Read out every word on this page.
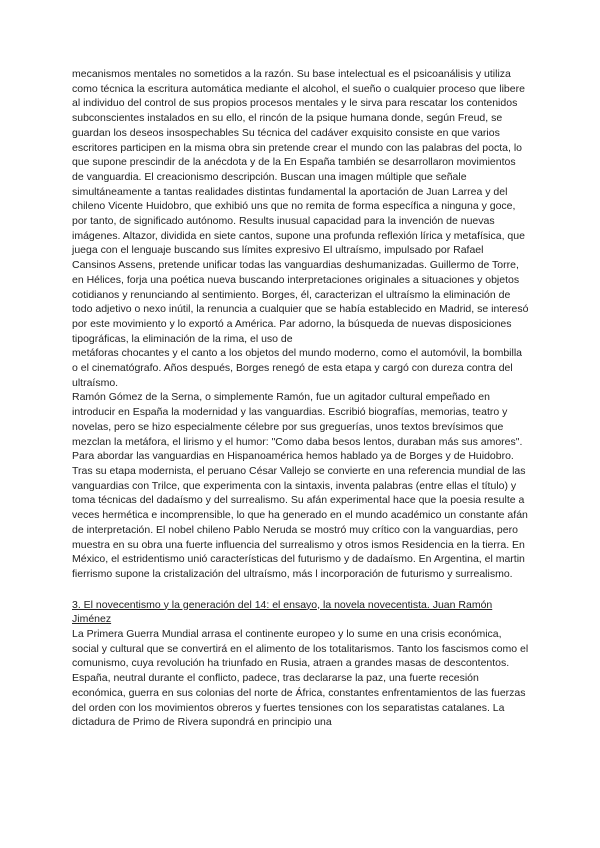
mecanismos mentales no sometidos a la razón. Su base intelectual es el psicoanálisis y utiliza como técnica la escritura automática mediante el alcohol, el sueño o cualquier proceso que libere al individuo del control de sus propios procesos mentales y le sirva para rescatar los contenidos subconscientes instalados en su ello, el rincón de la psique humana donde, según Freud, se guardan los deseos insospechables Su técnica del cadáver exquisito consiste en que varios escritores participen en la misma obra sin pretende crear el mundo con las palabras del pocta, lo que supone prescindir de la anécdota y de la En España también se desarrollaron movimientos de vanguardia. El creacionismo descripción. Buscan una imagen múltiple que señale simultáneamente a tantas realidades distintas fundamental la aportación de Juan Larrea y del chileno Vicente Huidobro, que exhibió uns que no remita de forma específica a ninguna y goce, por tanto, de significado autónomo. Results inusual capacidad para la invención de nuevas imágenes. Altazor, dividida en siete cantos, supone una profunda reflexión lírica y metafísica, que juega con el lenguaje buscando sus límites expresivo El ultraísmo, impulsado por Rafael Cansinos Assens, pretende unificar todas las vanguardias deshumanizadas. Guillermo de Torre, en Hélices, forja una poética nueva buscando interpretaciones originales a situaciones y objetos cotidianos y renunciando al sentimiento. Borges, él, caracterizan el ultraísmo la eliminación de todo adjetivo o nexo inútil, la renuncia a cualquier que se había establecido en Madrid, se interesó por este movimiento y lo exportó a América. Par adorno, la búsqueda de nuevas disposiciones tipográficas, la eliminación de la rima, el uso de

metáforas chocantes y el canto a los objetos del mundo moderno, como el automóvil, la bombilla o el cinematógrafo. Años después, Borges renegó de esta etapa y cargó con dureza contra del ultraísmo.

Ramón Gómez de la Serna, o simplemente Ramón, fue un agitador cultural empeñado en introducir en España la modernidad y las vanguardias. Escribió biografías, memorias, teatro y novelas, pero se hizo especialmente célebre por sus greguerías, unos textos brevísimos que mezclan la metáfora, el lirismo y el humor: "Como daba besos lentos, duraban más sus amores".

Para abordar las vanguardias en Hispanoamérica hemos hablado ya de Borges y de Huidobro. Tras su etapa modernista, el peruano César Vallejo se convierte en una referencia mundial de las vanguardias con Trilce, que experimenta con la sintaxis, inventa palabras (entre ellas el título) y toma técnicas del dadaísmo y del surrealismo. Su afán experimental hace que la poesia resulte a veces hermética e incomprensible, lo que ha generado en el mundo académico un constante afán de interpretación. El nobel chileno Pablo Neruda se mostró muy crítico con la vanguardias, pero muestra en su obra una fuerte influencia del surrealismo y otros ismos Residencia en la tierra. En México, el estridentismo unió características del futurismo y de dadaísmo. En Argentina, el martin fierrismo supone la cristalización del ultraísmo, más l incorporación de futurismo y surrealismo.

3. El novecentismo y la generación del 14: el ensayo, la novela novecentista. Juan Ramón Jiménez

La Primera Guerra Mundial arrasa el continente europeo y lo sume en una crisis económica, social y cultural que se convertirá en el alimento de los totalitarismos. Tanto los fascismos como el comunismo, cuya revolución ha triunfado en Rusia, atraen a grandes masas de descontentos. España, neutral durante el conflicto, padece, tras declararse la paz, una fuerte recesión económica, guerra en sus colonias del norte de África, constantes enfrentamientos de las fuerzas del orden con los movimientos obreros y fuertes tensiones con los separatistas catalanes. La dictadura de Primo de Rivera supondrá en principio una
